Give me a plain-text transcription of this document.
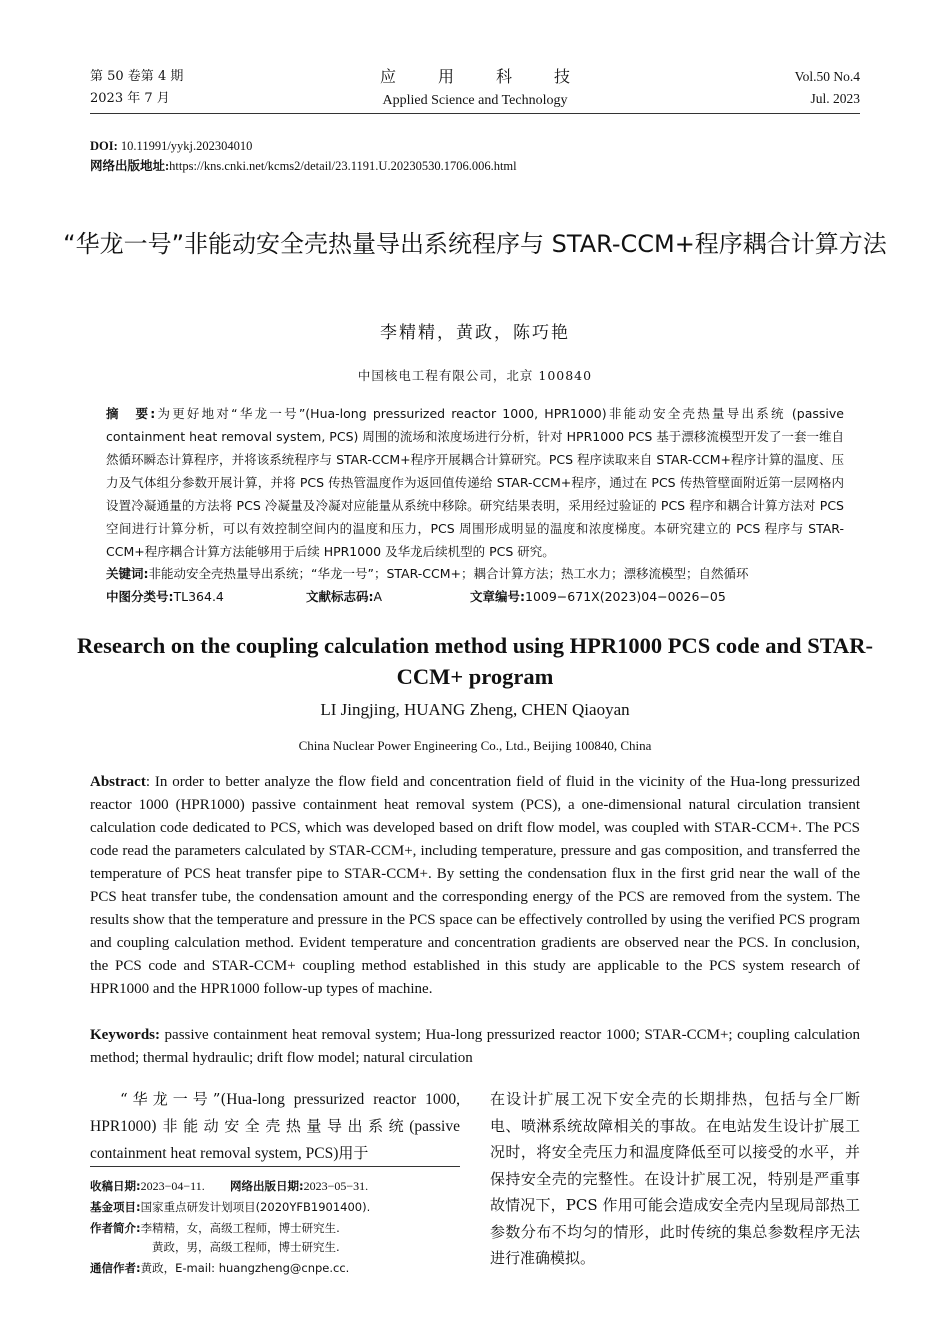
第 50 卷第 4 期
2023 年 7 月
应用科技
Applied Science and Technology
Vol.50 No.4
Jul. 2023
DOI: 10.11991/yykj.202304010
网络出版地址:https://kns.cnki.net/kcms2/detail/23.1191.U.20230530.1706.006.html
“华龙一号”非能动安全壳热量导出系统程序与 STAR-CCM+程序耦合计算方法
李精精，黄政，陈巧艳
中国核电工程有限公司，北京 100840
摘　要:为更好地对“华龙一号”(Hua-long pressurized reactor 1000, HPR1000)非能动安全壳热量导出系统 (passive containment heat removal system, PCS) 周围的流场和浓度场进行分析，针对 HPR1000 PCS 基于漂移流模型开发了一套一维自然循环瞬态计算程序，并将该系统程序与 STAR-CCM+程序开展耦合计算研究。PCS 程序读取来自 STAR-CCM+程序计算的温度、压力及气体组分参数开展计算，并将 PCS 传热管温度作为返回值传递给 STAR-CCM+程序，通过在 PCS 传热管壁面附近第一层网格内设置冷凝通量的方法将 PCS 冷凝量及冷凝对应能量从系统中移除。研究结果表明，采用经过验证的 PCS 程序和耦合计算方法对 PCS 空间进行计算分析，可以有效控制空间内的温度和压力，PCS 周围形成明显的温度和浓度梯度。本研究建立的 PCS 程序与 STAR-CCM+程序耦合计算方法能够用于后续 HPR1000 及华龙后续机型的 PCS 研究。
关键词:非能动安全壳热量导出系统；“华龙一号”；STAR-CCM+；耦合计算方法；热工水力；漂移流模型；自然循环
中图分类号:TL364.4	文献标志码:A	文章编号:1009−671X(2023)04−0026−05
Research on the coupling calculation method using HPR1000 PCS code and STAR-CCM+ program
LI Jingjing, HUANG Zheng, CHEN Qiaoyan
China Nuclear Power Engineering Co., Ltd., Beijing 100840, China
Abstract: In order to better analyze the flow field and concentration field of fluid in the vicinity of the Hua-long pressurized reactor 1000 (HPR1000) passive containment heat removal system (PCS), a one-dimensional natural circulation transient calculation code dedicated to PCS, which was developed based on drift flow model, was coupled with STAR-CCM+. The PCS code read the parameters calculated by STAR-CCM+, including temperature, pressure and gas composition, and transferred the temperature of PCS heat transfer pipe to STAR-CCM+. By setting the condensation flux in the first grid near the wall of the PCS heat transfer tube, the condensation amount and the corresponding energy of the PCS are removed from the system. The results show that the temperature and pressure in the PCS space can be effectively controlled by using the verified PCS program and coupling calculation method. Evident temperature and concentration gradients are observed near the PCS. In conclusion, the PCS code and STAR-CCM+ coupling method established in this study are applicable to the PCS system research of HPR1000 and the HPR1000 follow-up types of machine.
Keywords: passive containment heat removal system; Hua-long pressurized reactor 1000; STAR-CCM+; coupling calculation method; thermal hydraulic; drift flow model; natural circulation
“华龙一号”(Hua-long pressurized reactor 1000, HPR1000)非能动安全壳热量导出系统(passive containment heat removal system, PCS)用于
在设计扩展工况下安全壳的长期排热，包括与全厂断电、喷淋系统故障相关的事故。在电站发生设计扩展工况时，将安全壳压力和温度降低至可以接受的水平，并保持安全壳的完整性。在设计扩展工况，特别是严重事故情况下，PCS 作用可能会造成安全壳内呈现局部热工参数分布不均匀的情形，此时传统的集总参数程序无法进行准确模拟。
收稿日期:2023−04−11. 网络出版日期:2023−05−31.
基金项目:国家重点研发计划项目(2020YFB1901400).
作者简介:李精精，女，高级工程师，博士研究生.
黄政，男，高级工程师，博士研究生.
通信作者:黄政，E-mail: huangzheng@cnpe.cc.
